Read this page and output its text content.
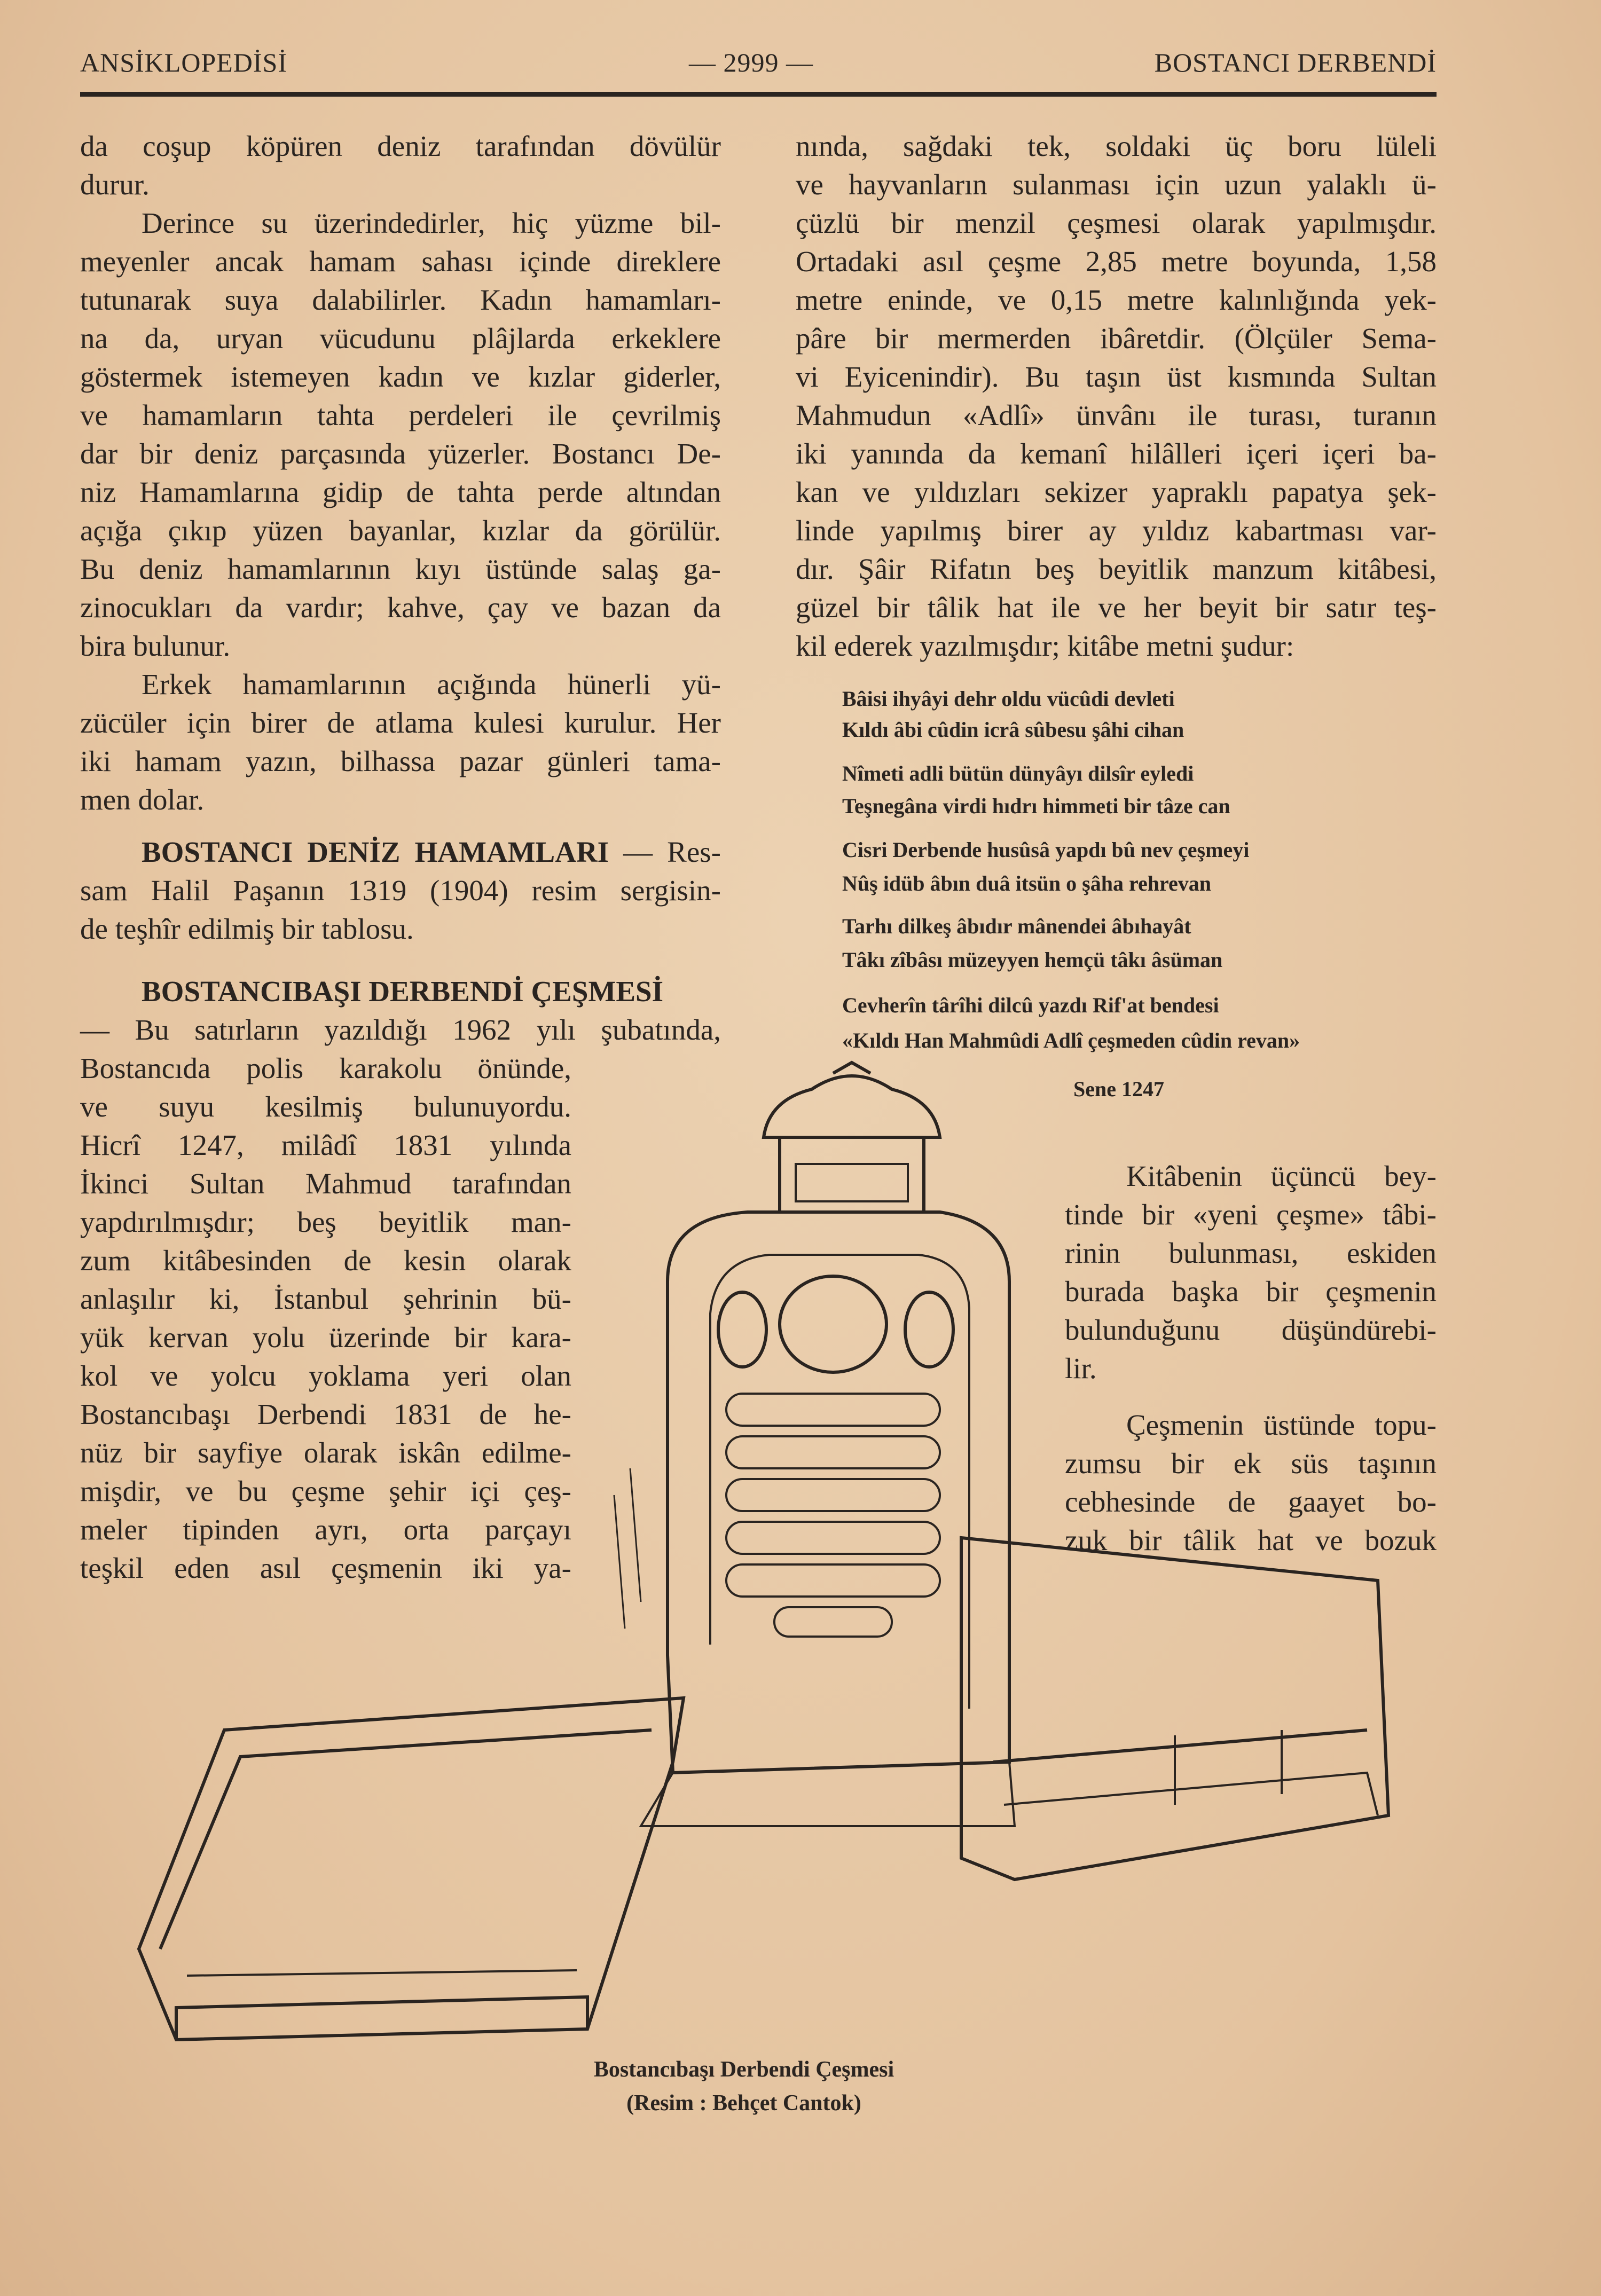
ANSİKLOPEDİSİ	— 2999 —	BOSTANCI DERBENDİ
da coşup köpüren deniz tarafından dövülür
durur.
Derince su üzerindedirler, hiç yüzme bil-
meyenler ancak hamam sahası içinde direklere
tutunarak suya dalabilirler. Kadın hamamları-
na da, uryan vücudunu plâjlarda erkeklere
göstermek istemeyen kadın ve kızlar giderler,
ve hamamların tahta perdeleri ile çevrilmiş
dar bir deniz parçasında yüzerler. Bostancı De-
niz Hamamlarına gidip de tahta perde altından
açığa çıkıp yüzen bayanlar, kızlar da görülür.
Bu deniz hamamlarının kıyı üstünde salaş ga-
zinocukları da vardır; kahve, çay ve bazan da
bira bulunur.
Erkek hamamlarının açığında hünerli yü-
zücüler için birer de atlama kulesi kurulur. Her
iki hamam yazın, bilhassa pazar günleri tama-
men dolar.
BOSTANCI DENİZ HAMAMLARI — Res-
sam Halil Paşanın 1319 (1904) resim sergisin-
de teşhîr edilmiş bir tablosu.
BOSTANCIBAŞI DERBENDİ ÇEŞMESİ
— Bu satırların yazıldığı 1962 yılı şubatında,
Bostancıda polis karakolu önünde,
ve suyu kesilmiş bulunuyordu.
Hicrî 1247, milâdî 1831 yılında
İkinci Sultan Mahmud tarafından
yapdırılmışdır; beş beyitlik man-
zum kitâbesinden de kesin olarak
anlaşılır ki, İstanbul şehrinin bü-
yük kervan yolu üzerinde bir kara-
kol ve yolcu yoklama yeri olan
Bostancıbaşı Derbendi 1831 de he-
nüz bir sayfiye olarak iskân edilme-
mişdir, ve bu çeşme şehir içi çeş-
meler tipinden ayrı, orta parçayı
teşkil eden asıl çeşmenin iki ya-
nında, sağdaki tek, soldaki üç boru lüleli
ve hayvanların sulanması için uzun yalaklı ü-
çüzlü bir menzil çeşmesi olarak yapılmışdır.
Ortadaki asıl çeşme 2,85 metre boyunda, 1,58
metre eninde, ve 0,15 metre kalınlığında yek-
pâre bir mermerden ibâretdir. (Ölçüler Sema-
vi Eyicenindir). Bu taşın üst kısmında Sultan
Mahmudun «Adlî» ünvânı ile turası, turanın
iki yanında da kemanî hilâlleri içeri içeri ba-
kan ve yıldızları sekizer yapraklı papatya şek-
linde yapılmış birer ay yıldız kabartması var-
dır. Şâir Rifatın beş beyitlik manzum kitâbesi,
güzel bir tâlik hat ile ve her beyit bir satır teş-
kil ederek yazılmışdır; kitâbe metni şudur:
Bâisi ihyâyi dehr oldu vücûdi devleti
Kıldı âbi cûdin icrâ sûbesu şâhi cihan
Nîmeti adli bütün dünyâyı dilsîr eyledi
Teşnegâna virdi hıdrı himmeti bir tâze can
Cisri Derbende husûsâ yapdı bû nev çeşmeyi
Nûş idüb âbın duâ itsün o şâha rehrevan
Tarhı dilkeş âbıdır mânendei âbıhayât
Tâkı zîbâsı müzeyyen hemçü tâkı âsüman
Cevherîn târîhi dilcû yazdı Rif'at bendesi
«Kıldı Han Mahmûdi Adlî çeşmeden cûdin revan»
Sene 1247
Kitâbenin üçüncü bey-
tinde bir «yeni çeşme» tâbi-
rinin bulunması, eskiden
burada başka bir çeşmenin
bulunduğunu düşündürebi-
lir.
Çeşmenin üstünde topu-
zumsu bir ek süs taşının
cebhesinde de gaayet bo-
zuk bir tâlik hat ve bozuk
Bostancıbaşı Derbendi Çeşmesi
(Resim : Behçet Cantok)
